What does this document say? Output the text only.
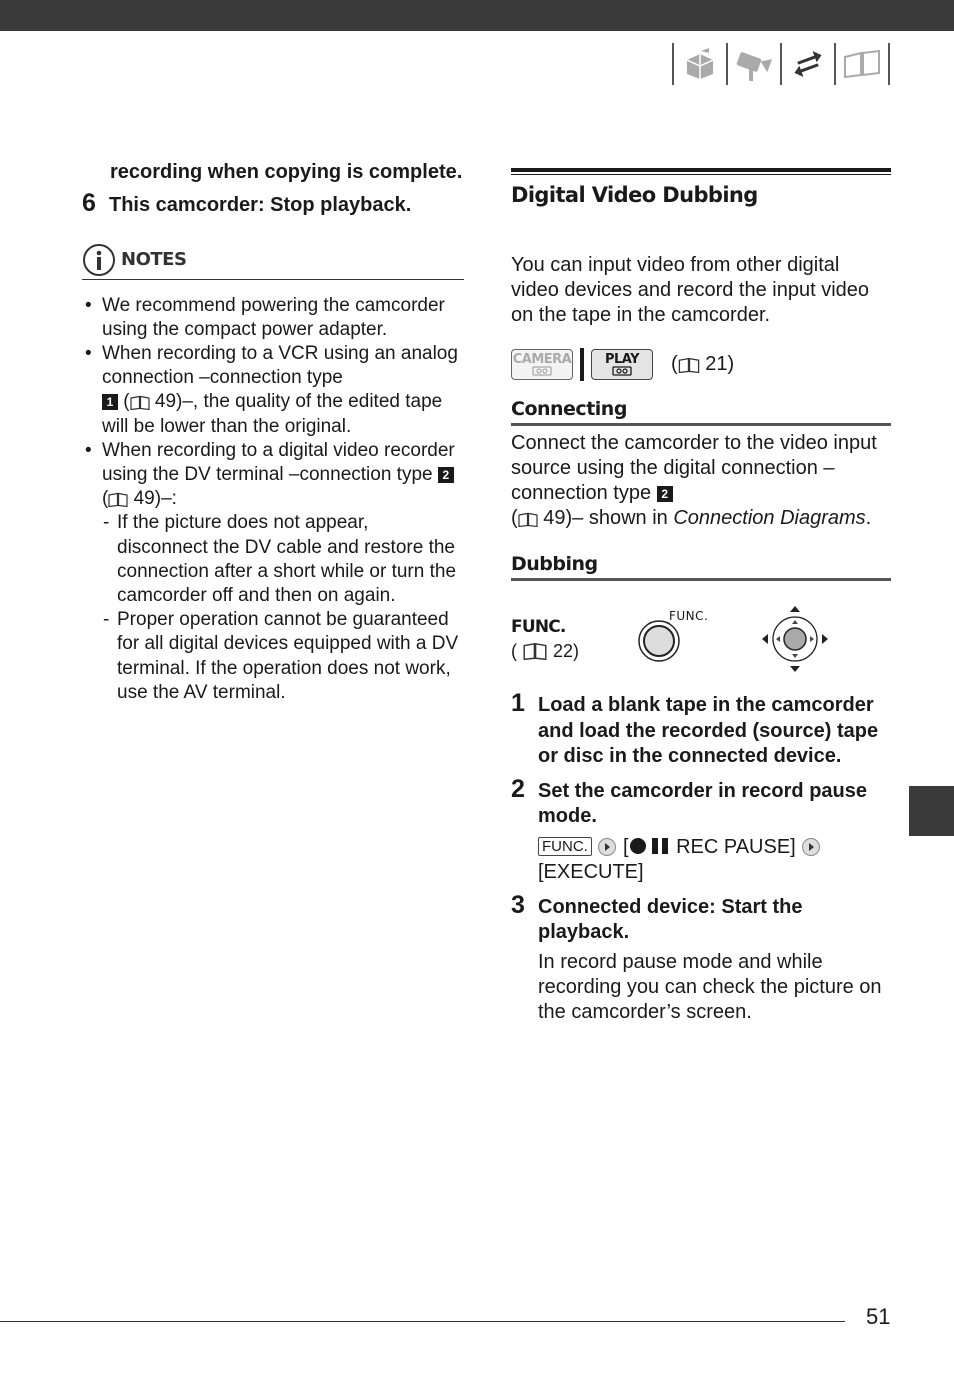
recording when copying is complete.
6 This camcorder: Stop playback.
NOTES
• We recommend powering the camcorder using the compact power adapter.
• When recording to a VCR using an analog connection –connection type
1 ( 49)–, the quality of the edited tape will be lower than the original.
• When recording to a digital video recorder using the DV terminal –connection type 2 ( 49)–:
- If the picture does not appear, disconnect the DV cable and restore the connection after a short while or turn the camcorder off and then on again.
- Proper operation cannot be guaranteed for all digital devices equipped with a DV terminal. If the operation does not work, use the AV terminal.
Digital Video Dubbing
You can input video from other digital video devices and record the input video on the tape in the camcorder.
CAMERA	PLAY ( 21)
Connecting
Connect the camcorder to the video input source using the digital connection –connection type 2
( 49)– shown in Connection Diagrams.
Dubbing
FUNC.
(  22)
FUNC.
1 Load a blank tape in the camcorder and load the recorded (source) tape or disc in the connected device.
2 Set the camcorder in record pause mode.
FUNC.  [ REC PAUSE]
[EXECUTE]
3 Connected device: Start the playback.
In record pause mode and while recording you can check the picture on the camcorder’s screen.
51
